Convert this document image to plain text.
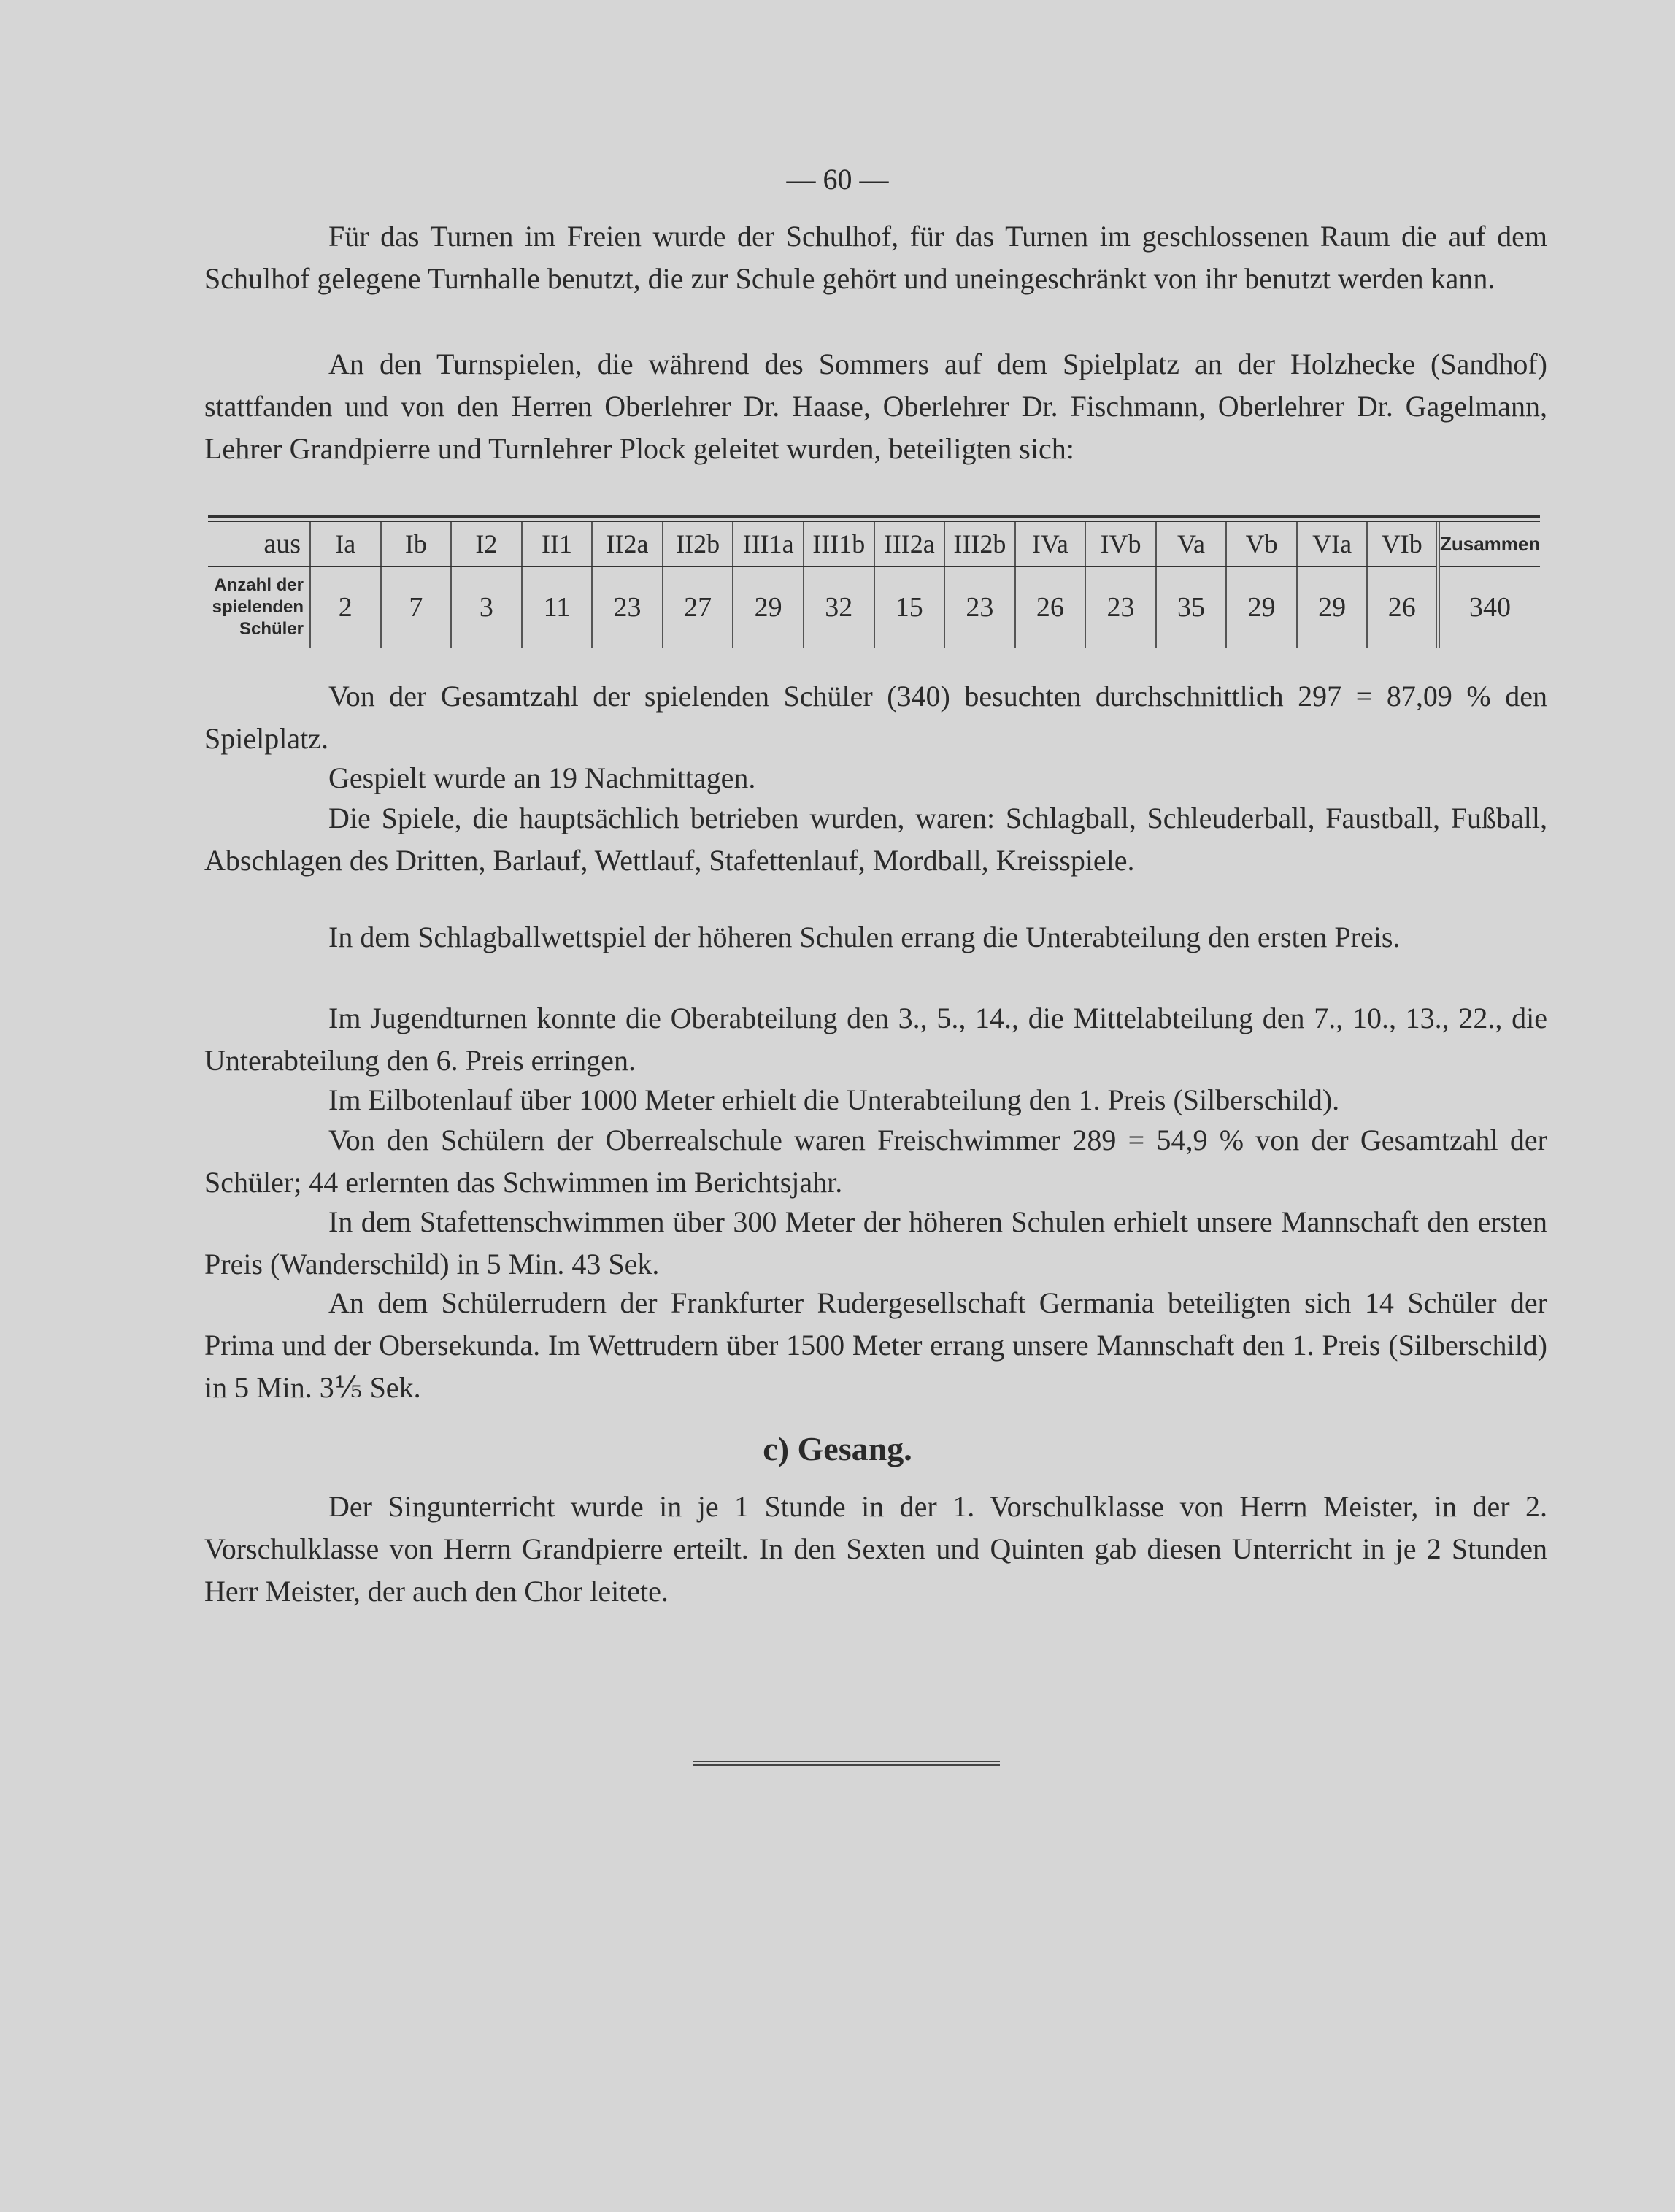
— 60 —

Für das Turnen im Freien wurde der Schulhof, für das Turnen im geschlossenen Raum die auf dem Schulhof gelegene Turnhalle benutzt, die zur Schule gehört und uneingeschränkt von ihr benutzt werden kann.

An den Turnspielen, die während des Sommers auf dem Spielplatz an der Holzhecke (Sandhof) stattfanden und von den Herren Oberlehrer Dr. Haase, Oberlehrer Dr. Fischmann, Oberlehrer Dr. Gagelmann, Lehrer Grandpierre und Turnlehrer Plock geleitet wurden, beteiligten sich:

aus	Ia	Ib	I2	II1	II2a	II2b	III1a	III1b	III2a	III2b	IVa	IVb	Va	Vb	VIa	VIb	Zusammen
Anzahl der spielenden Schüler	2	7	3	11	23	27	29	32	15	23	26	23	35	29	29	26	340

Von der Gesamtzahl der spielenden Schüler (340) besuchten durchschnittlich 297 = 87,09 % den Spielplatz.

Gespielt wurde an 19 Nachmittagen.

Die Spiele, die hauptsächlich betrieben wurden, waren: Schlagball, Schleuderball, Faustball, Fußball, Abschlagen des Dritten, Barlauf, Wettlauf, Stafettenlauf, Mordball, Kreisspiele.

In dem Schlagballwettspiel der höheren Schulen errang die Unterabteilung den ersten Preis.

Im Jugendturnen konnte die Oberabteilung den 3., 5., 14., die Mittelabteilung den 7., 10., 13., 22., die Unterabteilung den 6. Preis erringen.

Im Eilbotenlauf über 1000 Meter erhielt die Unterabteilung den 1. Preis (Silberschild).

Von den Schülern der Oberrealschule waren Freischwimmer 289 = 54,9 % von der Gesamtzahl der Schüler; 44 erlernten das Schwimmen im Berichtsjahr.

In dem Stafettenschwimmen über 300 Meter der höheren Schulen erhielt unsere Mannschaft den ersten Preis (Wanderschild) in 5 Min. 43 Sek.

An dem Schülerrudern der Frankfurter Rudergesellschaft Germania beteiligten sich 14 Schüler der Prima und der Obersekunda. Im Wettrudern über 1500 Meter errang unsere Mannschaft den 1. Preis (Silberschild) in 5 Min. 3⅕ Sek.

c) Gesang.

Der Singunterricht wurde in je 1 Stunde in der 1. Vorschulklasse von Herrn Meister, in der 2. Vorschulklasse von Herrn Grandpierre erteilt. In den Sexten und Quinten gab diesen Unterricht in je 2 Stunden Herr Meister, der auch den Chor leitete.
